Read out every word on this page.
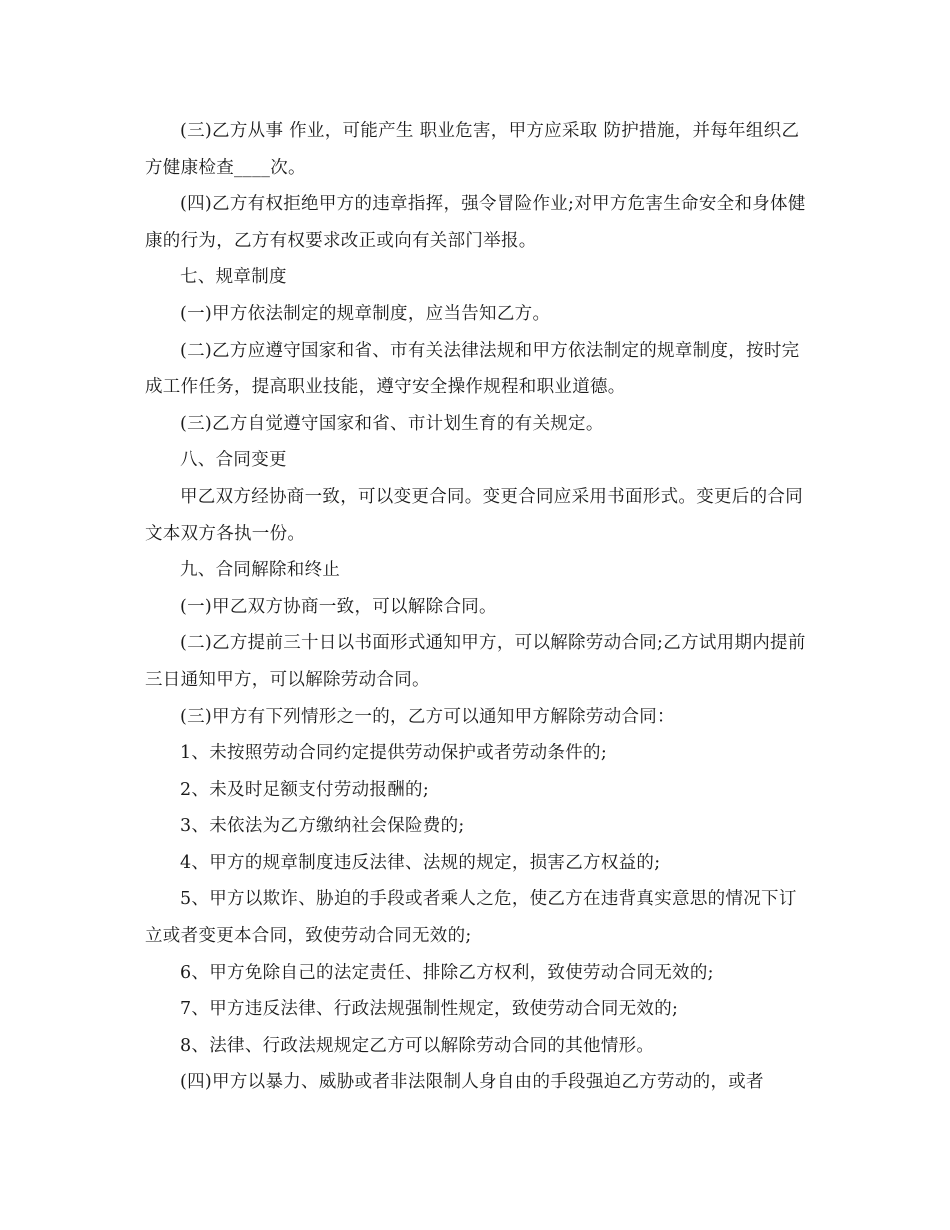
(三)乙方从事 作业，可能产生 职业危害，甲方应采取 防护措施，并每年组织乙方健康检查____次。

(四)乙方有权拒绝甲方的违章指挥，强令冒险作业;对甲方危害生命安全和身体健康的行为，乙方有权要求改正或向有关部门举报。

七、规章制度

(一)甲方依法制定的规章制度，应当告知乙方。

(二)乙方应遵守国家和省、市有关法律法规和甲方依法制定的规章制度，按时完成工作任务，提高职业技能，遵守安全操作规程和职业道德。

(三)乙方自觉遵守国家和省、市计划生育的有关规定。

八、合同变更

甲乙双方经协商一致，可以变更合同。变更合同应采用书面形式。变更后的合同文本双方各执一份。

九、合同解除和终止

(一)甲乙双方协商一致，可以解除合同。

(二)乙方提前三十日以书面形式通知甲方，可以解除劳动合同;乙方试用期内提前三日通知甲方，可以解除劳动合同。

(三)甲方有下列情形之一的，乙方可以通知甲方解除劳动合同：

1、未按照劳动合同约定提供劳动保护或者劳动条件的;

2、未及时足额支付劳动报酬的;

3、未依法为乙方缴纳社会保险费的;

4、甲方的规章制度违反法律、法规的规定，损害乙方权益的;

5、甲方以欺诈、胁迫的手段或者乘人之危，使乙方在违背真实意思的情况下订立或者变更本合同，致使劳动合同无效的;

6、甲方免除自己的法定责任、排除乙方权利，致使劳动合同无效的;

7、甲方违反法律、行政法规强制性规定，致使劳动合同无效的;

8、法律、行政法规规定乙方可以解除劳动合同的其他情形。

(四)甲方以暴力、威胁或者非法限制人身自由的手段强迫乙方劳动的，或者
